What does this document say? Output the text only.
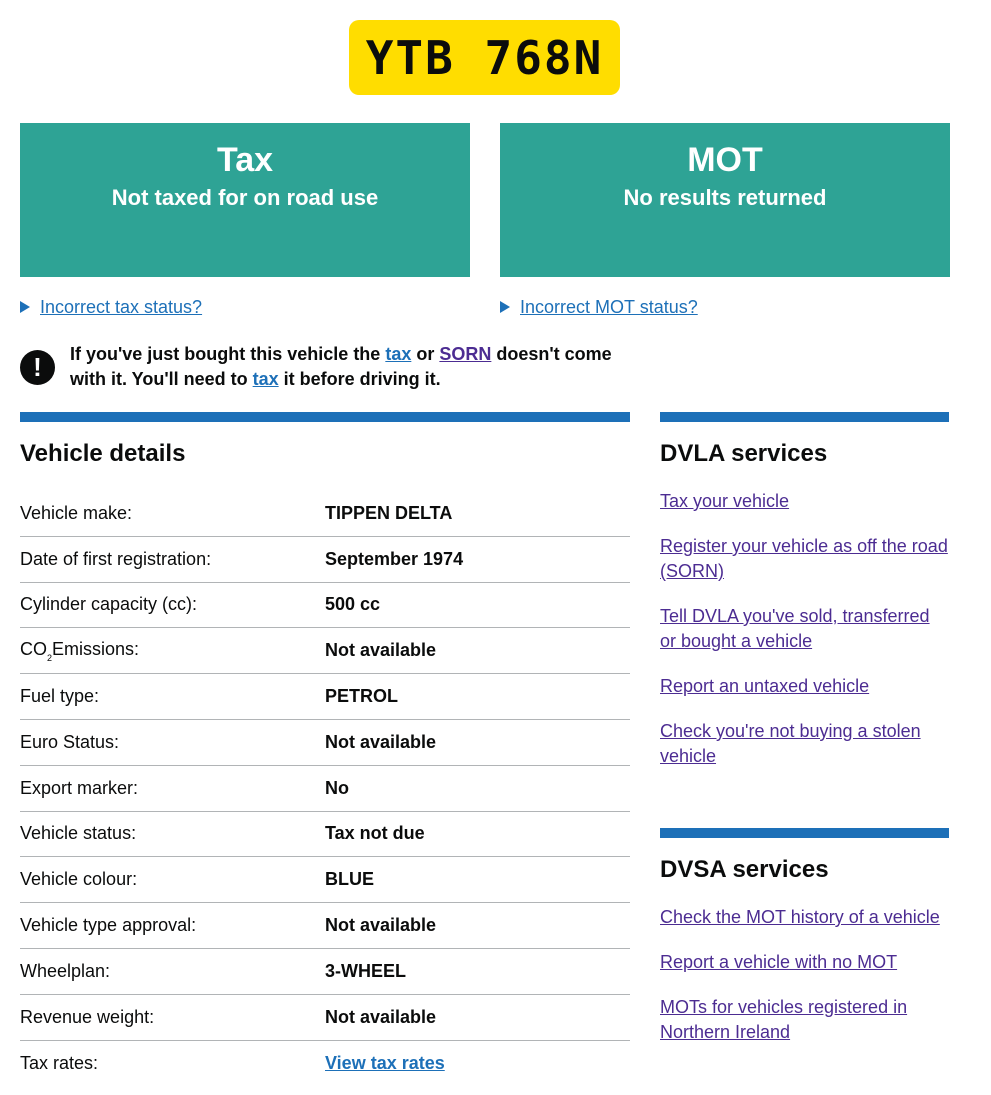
YTB 768N
Tax
Not taxed for on road use
MOT
No results returned
Incorrect tax status?	Incorrect MOT status?
!	If you've just bought this vehicle the tax or SORN doesn't come with it. You'll need to tax it before driving it.
Vehicle details
Vehicle make:	TIPPEN DELTA
Date of first registration:	September 1974
Cylinder capacity (cc):	500 cc
$CO_2Emissions$:	Not available
Fuel type:	PETROL
Euro Status:	Not available
Export marker:	No
Vehicle status:	Tax not due
Vehicle colour:	BLUE
Vehicle type approval:	Not available
Wheelplan:	3-WHEEL
Revenue weight:	Not available
Tax rates:	View tax rates
DVLA services
Tax your vehicle
Register your vehicle as off the road (SORN)
Tell DVLA you've sold, transferred or bought a vehicle
Report an untaxed vehicle
Check you're not buying a stolen vehicle
DVSA services
Check the MOT history of a vehicle
Report a vehicle with no MOT
MOTs for vehicles registered in Northern Ireland
